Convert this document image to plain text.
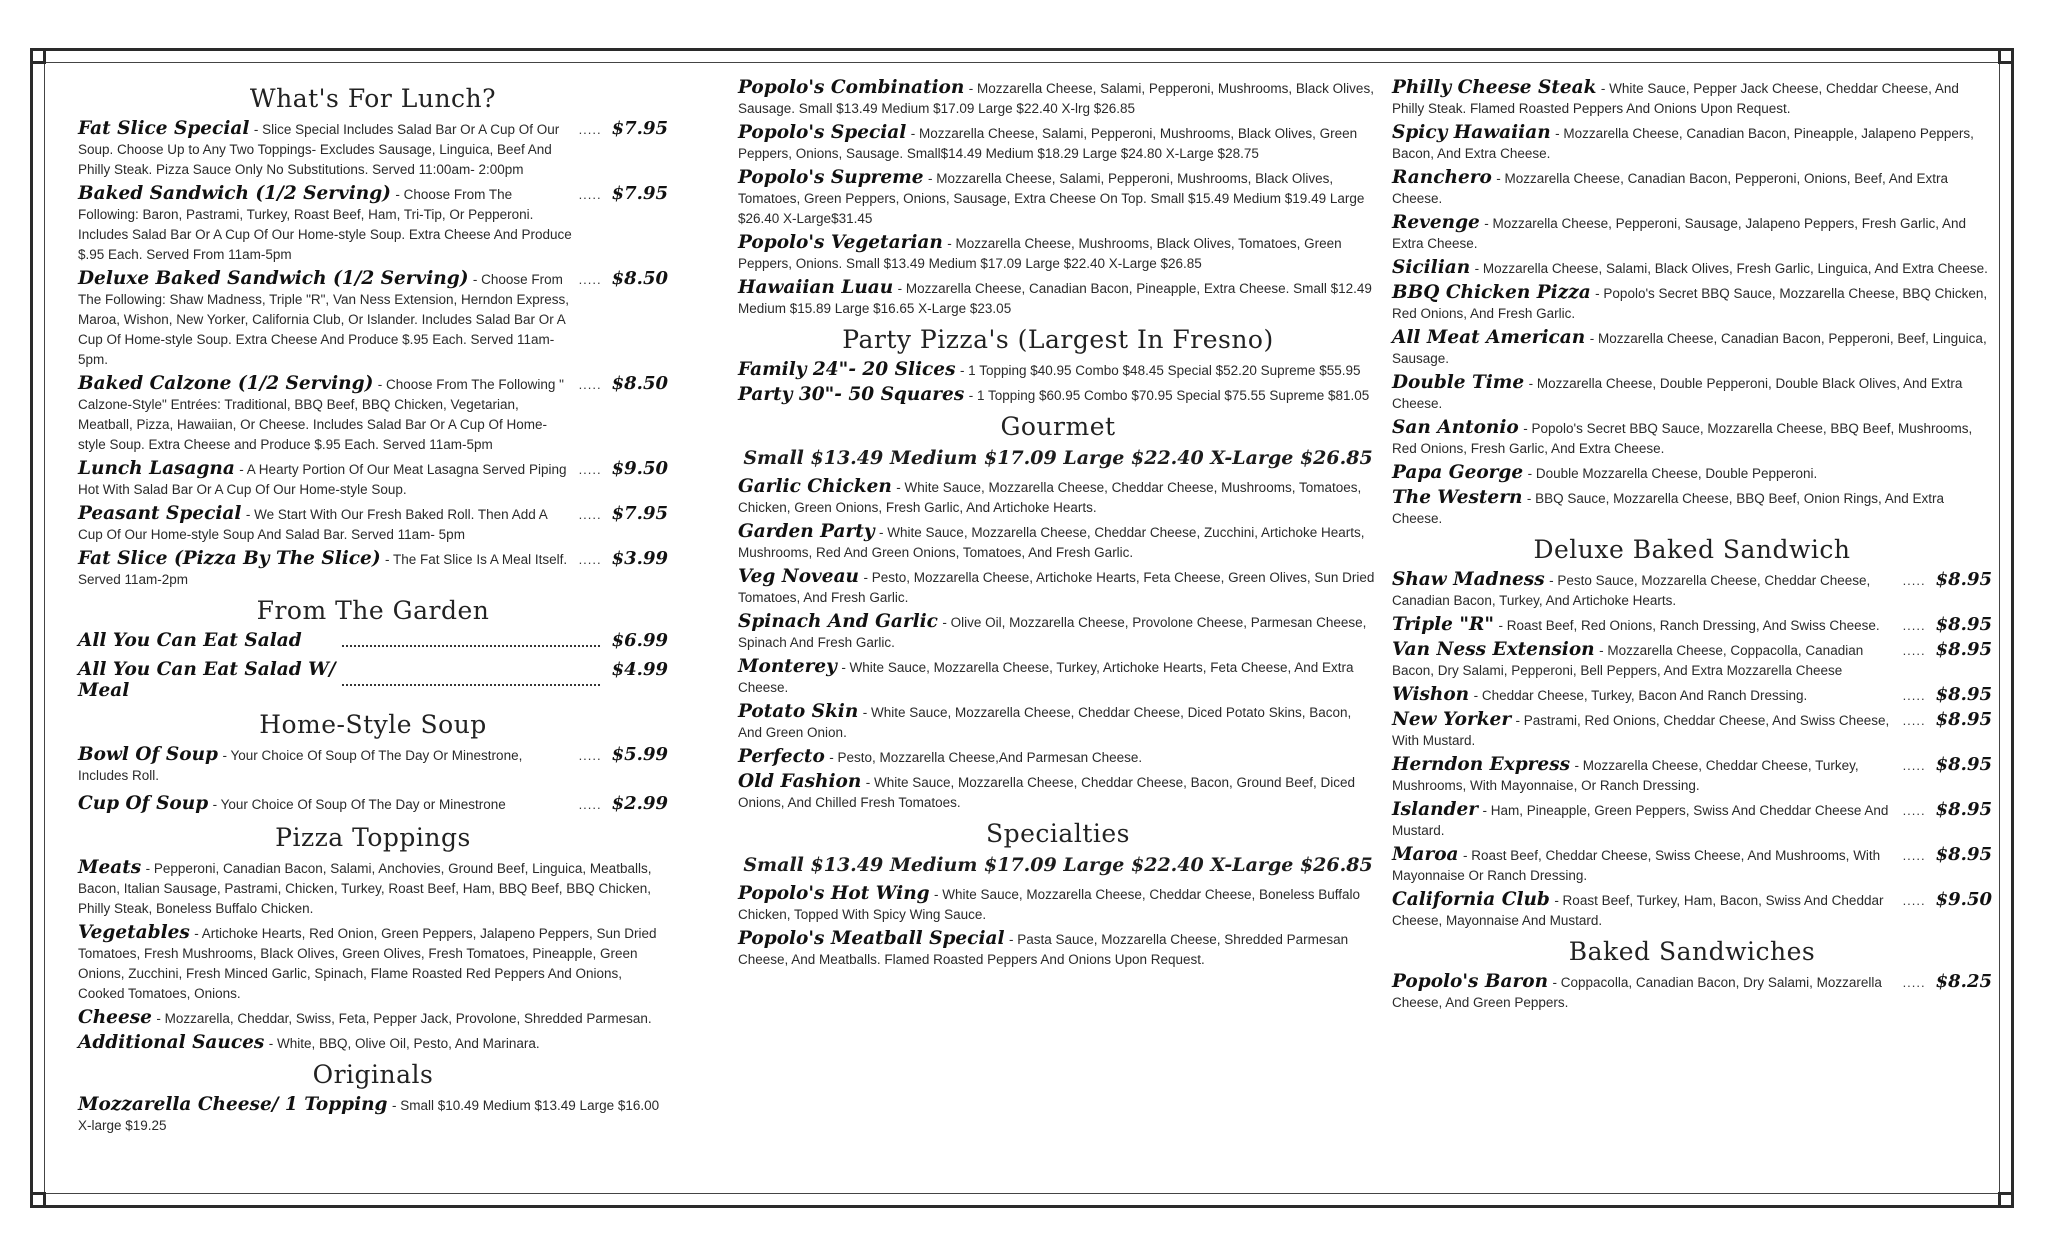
What's For Lunch?
Fat Slice Special - Slice Special Includes Salad Bar Or A Cup Of Our Soup. Choose Up to Any Two Toppings- Excludes Sausage, Linguica, Beef And Philly Steak. Pizza Sauce Only No Substitutions. Served 11:00am- 2:00pm
..... $7.95
Baked Sandwich (1/2 Serving) - Choose From The Following: Baron, Pastrami, Turkey, Roast Beef, Ham, Tri-Tip, Or Pepperoni. Includes Salad Bar Or A Cup Of Our Home-style Soup. Extra Cheese And Produce $.95 Each. Served From 11am-5pm
..... $7.95
Deluxe Baked Sandwich (1/2 Serving) - Choose From The Following: Shaw Madness, Triple "R", Van Ness Extension, Herndon Express, Maroa, Wishon, New Yorker, California Club, Or Islander. Includes Salad Bar Or A Cup Of Home-style Soup. Extra Cheese And Produce $.95 Each. Served 11am-5pm.
..... $8.50
Baked Calzone (1/2 Serving) - Choose From The Following " Calzone-Style" Entrées: Traditional, BBQ Beef, BBQ Chicken, Vegetarian, Meatball, Pizza, Hawaiian, Or Cheese. Includes Salad Bar Or A Cup Of Home-style Soup. Extra Cheese and Produce $.95 Each. Served 11am-5pm
..... $8.50
Lunch Lasagna - A Hearty Portion Of Our Meat Lasagna Served Piping Hot With Salad Bar Or A Cup Of Our Home-style Soup.
..... $9.50
Peasant Special - We Start With Our Fresh Baked Roll. Then Add A Cup Of Our Home-style Soup And Salad Bar. Served 11am- 5pm
..... $7.95
Fat Slice (Pizza By The Slice) - The Fat Slice Is A Meal Itself. Served 11am-2pm
..... $3.99
From The Garden
All You Can Eat Salad	$6.99
All You Can Eat Salad W/ Meal
$4.99
Home-Style Soup
Bowl Of Soup - Your Choice Of Soup Of The Day Or Minestrone, Includes Roll.
..... $5.99
Cup Of Soup - Your Choice Of Soup Of The Day or Minestrone	..... $2.99
Pizza Toppings
Meats - Pepperoni, Canadian Bacon, Salami, Anchovies, Ground Beef, Linguica, Meatballs, Bacon, Italian Sausage, Pastrami, Chicken, Turkey, Roast Beef, Ham, BBQ Beef, BBQ Chicken, Philly Steak, Boneless Buffalo Chicken.
Vegetables - Artichoke Hearts, Red Onion, Green Peppers, Jalapeno Peppers, Sun Dried Tomatoes, Fresh Mushrooms, Black Olives, Green Olives, Fresh Tomatoes, Pineapple, Green Onions, Zucchini, Fresh Minced Garlic, Spinach, Flame Roasted Red Peppers And Onions, Cooked Tomatoes, Onions.
Cheese - Mozzarella, Cheddar, Swiss, Feta, Pepper Jack, Provolone, Shredded Parmesan.
Additional Sauces - White, BBQ, Olive Oil, Pesto, And Marinara.
Originals
Mozzarella Cheese/ 1 Topping - Small $10.49 Medium $13.49 Large $16.00 X-large $19.25
Popolo's Combination - Mozzarella Cheese, Salami, Pepperoni, Mushrooms, Black Olives, Sausage. Small $13.49 Medium $17.09 Large $22.40 X-lrg $26.85
Popolo's Special - Mozzarella Cheese, Salami, Pepperoni, Mushrooms, Black Olives, Green Peppers, Onions, Sausage. Small$14.49 Medium $18.29 Large $24.80 X-Large $28.75
Popolo's Supreme - Mozzarella Cheese, Salami, Pepperoni, Mushrooms, Black Olives, Tomatoes, Green Peppers, Onions, Sausage, Extra Cheese On Top. Small $15.49 Medium $19.49 Large $26.40 X-Large$31.45
Popolo's Vegetarian - Mozzarella Cheese, Mushrooms, Black Olives, Tomatoes, Green Peppers, Onions. Small $13.49 Medium $17.09 Large $22.40 X-Large $26.85
Hawaiian Luau - Mozzarella Cheese, Canadian Bacon, Pineapple, Extra Cheese. Small $12.49 Medium $15.89 Large $16.65 X-Large $23.05
Party Pizza's (Largest In Fresno)
Family 24"- 20 Slices - 1 Topping $40.95 Combo $48.45 Special $52.20 Supreme $55.95
Party 30"- 50 Squares - 1 Topping $60.95 Combo $70.95 Special $75.55 Supreme $81.05
Gourmet
Small $13.49 Medium $17.09 Large $22.40 X-Large $26.85
Garlic Chicken - White Sauce, Mozzarella Cheese, Cheddar Cheese, Mushrooms, Tomatoes, Chicken, Green Onions, Fresh Garlic, And Artichoke Hearts.
Garden Party - White Sauce, Mozzarella Cheese, Cheddar Cheese, Zucchini, Artichoke Hearts, Mushrooms, Red And Green Onions, Tomatoes, And Fresh Garlic.
Veg Noveau - Pesto, Mozzarella Cheese, Artichoke Hearts, Feta Cheese, Green Olives, Sun Dried Tomatoes, And Fresh Garlic.
Spinach And Garlic - Olive Oil, Mozzarella Cheese, Provolone Cheese, Parmesan Cheese, Spinach And Fresh Garlic.
Monterey - White Sauce, Mozzarella Cheese, Turkey, Artichoke Hearts, Feta Cheese, And Extra Cheese.
Potato Skin - White Sauce, Mozzarella Cheese, Cheddar Cheese, Diced Potato Skins, Bacon, And Green Onion.
Perfecto - Pesto, Mozzarella Cheese,And Parmesan Cheese.
Old Fashion - White Sauce, Mozzarella Cheese, Cheddar Cheese, Bacon, Ground Beef, Diced Onions, And Chilled Fresh Tomatoes.
Specialties
Small $13.49 Medium $17.09 Large $22.40 X-Large $26.85
Popolo's Hot Wing - White Sauce, Mozzarella Cheese, Cheddar Cheese, Boneless Buffalo Chicken, Topped With Spicy Wing Sauce.
Popolo's Meatball Special - Pasta Sauce, Mozzarella Cheese, Shredded Parmesan Cheese, And Meatballs. Flamed Roasted Peppers And Onions Upon Request.
Philly Cheese Steak - White Sauce, Pepper Jack Cheese, Cheddar Cheese, And Philly Steak. Flamed Roasted Peppers And Onions Upon Request.
Spicy Hawaiian - Mozzarella Cheese, Canadian Bacon, Pineapple, Jalapeno Peppers, Bacon, And Extra Cheese.
Ranchero - Mozzarella Cheese, Canadian Bacon, Pepperoni, Onions, Beef, And Extra Cheese.
Revenge - Mozzarella Cheese, Pepperoni, Sausage, Jalapeno Peppers, Fresh Garlic, And Extra Cheese.
Sicilian - Mozzarella Cheese, Salami, Black Olives, Fresh Garlic, Linguica, And Extra Cheese.
BBQ Chicken Pizza - Popolo's Secret BBQ Sauce, Mozzarella Cheese, BBQ Chicken, Red Onions, And Fresh Garlic.
All Meat American - Mozzarella Cheese, Canadian Bacon, Pepperoni, Beef, Linguica, Sausage.
Double Time - Mozzarella Cheese, Double Pepperoni, Double Black Olives, And Extra Cheese.
San Antonio - Popolo's Secret BBQ Sauce, Mozzarella Cheese, BBQ Beef, Mushrooms, Red Onions, Fresh Garlic, And Extra Cheese.
Papa George - Double Mozzarella Cheese, Double Pepperoni.
The Western - BBQ Sauce, Mozzarella Cheese, BBQ Beef, Onion Rings, And Extra Cheese.
Deluxe Baked Sandwich
Shaw Madness - Pesto Sauce, Mozzarella Cheese, Cheddar Cheese, Canadian Bacon, Turkey, And Artichoke Hearts.
..... $8.95
Triple "R" - Roast Beef, Red Onions, Ranch Dressing, And Swiss Cheese.	..... $8.95
Van Ness Extension - Mozzarella Cheese, Coppacolla, Canadian Bacon, Dry Salami, Pepperoni, Bell Peppers, And Extra Mozzarella Cheese
..... $8.95
Wishon - Cheddar Cheese, Turkey, Bacon And Ranch Dressing.	..... $8.95
New Yorker - Pastrami, Red Onions, Cheddar Cheese, And Swiss Cheese, With Mustard.
..... $8.95
Herndon Express - Mozzarella Cheese, Cheddar Cheese, Turkey, Mushrooms, With Mayonnaise, Or Ranch Dressing.
..... $8.95
Islander - Ham, Pineapple, Green Peppers, Swiss And Cheddar Cheese And Mustard.
..... $8.95
Maroa - Roast Beef, Cheddar Cheese, Swiss Cheese, And Mushrooms, With Mayonnaise Or Ranch Dressing.
..... $8.95
California Club - Roast Beef, Turkey, Ham, Bacon, Swiss And Cheddar Cheese, Mayonnaise And Mustard.
..... $9.50
Baked Sandwiches
Popolo's Baron - Coppacolla, Canadian Bacon, Dry Salami, Mozzarella Cheese, And Green Peppers.
..... $8.25
